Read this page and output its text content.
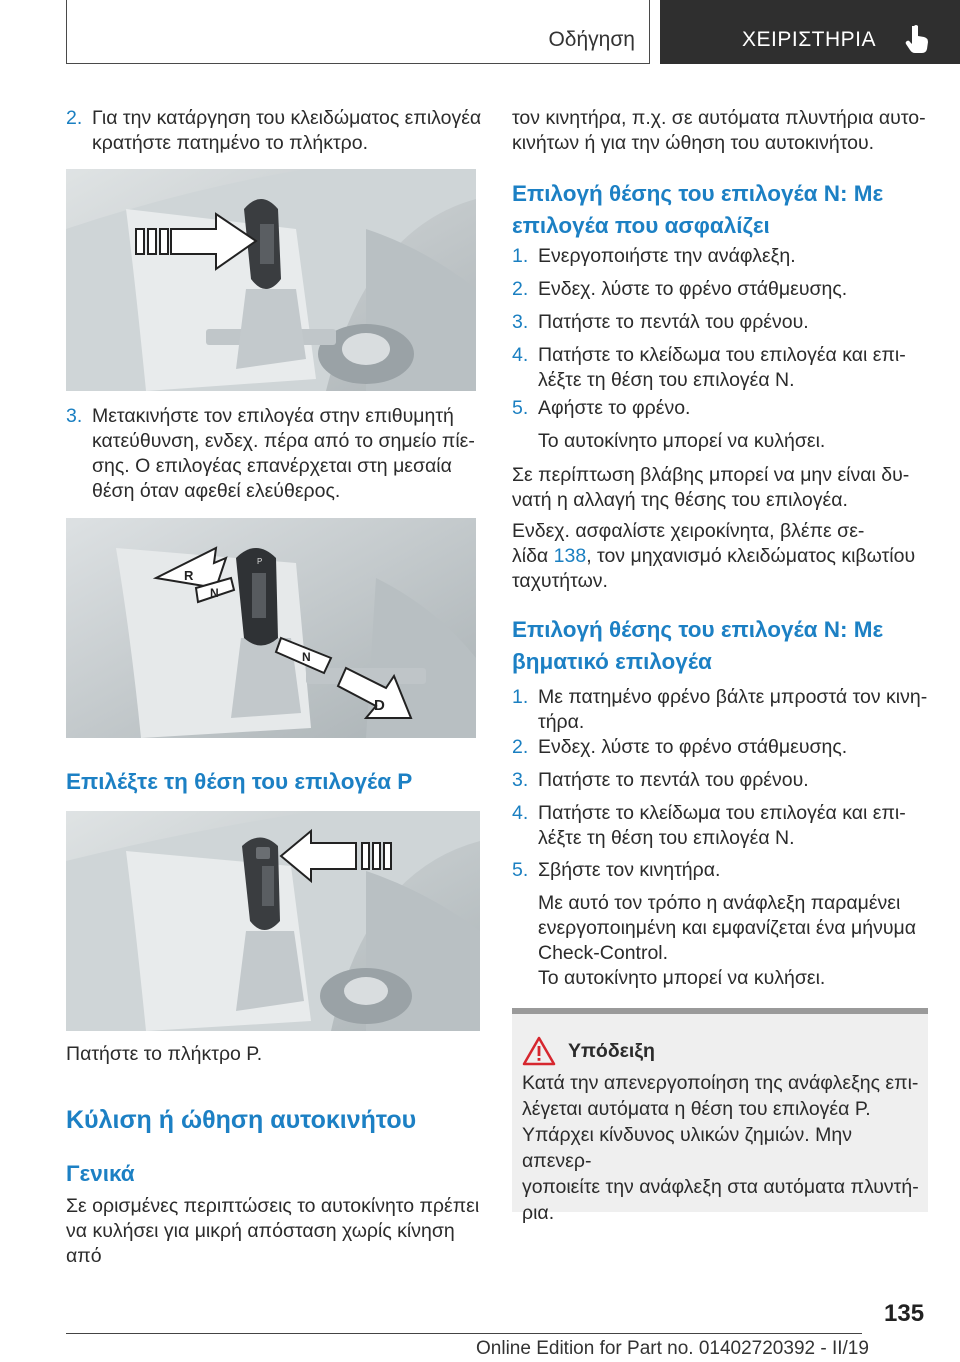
Οδήγηση	ΧΕΙΡΙΣΤΗΡΙΑ
2. Για την κατάργηση του κλειδώματος επιλογέα
κρατήστε πατημένο το πλήκτρο.
3. Μετακινήστε τον επιλογέα στην επιθυμητή
κατεύθυνση, ενδεχ. πέρα από το σημείο πίε-
σης. Ο επιλογέας επανέρχεται στη μεσαία
θέση όταν αφεθεί ελεύθερος.
P
R
N
N
D
Επιλέξτε τη θέση του επιλογέα P
Πατήστε το πλήκτρο P.
Κύλιση ή ώθηση αυτοκινήτου
Γενικά
Σε ορισμένες περιπτώσεις το αυτοκίνητο πρέπει
να κυλήσει για μικρή απόσταση χωρίς κίνηση από
τον κινητήρα, π.χ. σε αυτόματα πλυντήρια αυτο-
κινήτων ή για την ώθηση του αυτοκινήτου.
Επιλογή θέσης του επιλογέα N: Με
επιλογέα που ασφαλίζει
1. Ενεργοποιήστε την ανάφλεξη.
2. Ενδεχ. λύστε το φρένο στάθμευσης.
3. Πατήστε το πεντάλ του φρένου.
4. Πατήστε το κλείδωμα του επιλογέα και επι-
λέξτε τη θέση του επιλογέα N.
5. Αφήστε το φρένο.
Το αυτοκίνητο μπορεί να κυλήσει.
Σε περίπτωση βλάβης μπορεί να μην είναι δυ-
νατή η αλλαγή της θέσης του επιλογέα.
Ενδεχ. ασφαλίστε χειροκίνητα, βλέπε σε-
λίδα 138, τον μηχανισμό κλειδώματος κιβωτίου
ταχυτήτων.
Επιλογή θέσης του επιλογέα N: Με
βηματικό επιλογέα
1. Με πατημένο φρένο βάλτε μπροστά τον κινη-
τήρα.
2. Ενδεχ. λύστε το φρένο στάθμευσης.
3. Πατήστε το πεντάλ του φρένου.
4. Πατήστε το κλείδωμα του επιλογέα και επι-
λέξτε τη θέση του επιλογέα N.
5. Σβήστε τον κινητήρα.
Με αυτό τον τρόπο η ανάφλεξη παραμένει
ενεργοποιημένη και εμφανίζεται ένα μήνυμα
Check-Control.
Το αυτοκίνητο μπορεί να κυλήσει.
Υπόδειξη
Κατά την απενεργοποίηση της ανάφλεξης επι-
λέγεται αυτόματα η θέση του επιλογέα P.
Υπάρχει κίνδυνος υλικών ζημιών. Μην απενερ-
γοποιείτε την ανάφλεξη στα αυτόματα πλυντή-
ρια.
135
Online Edition for Part no. 01402720392 - II/19
